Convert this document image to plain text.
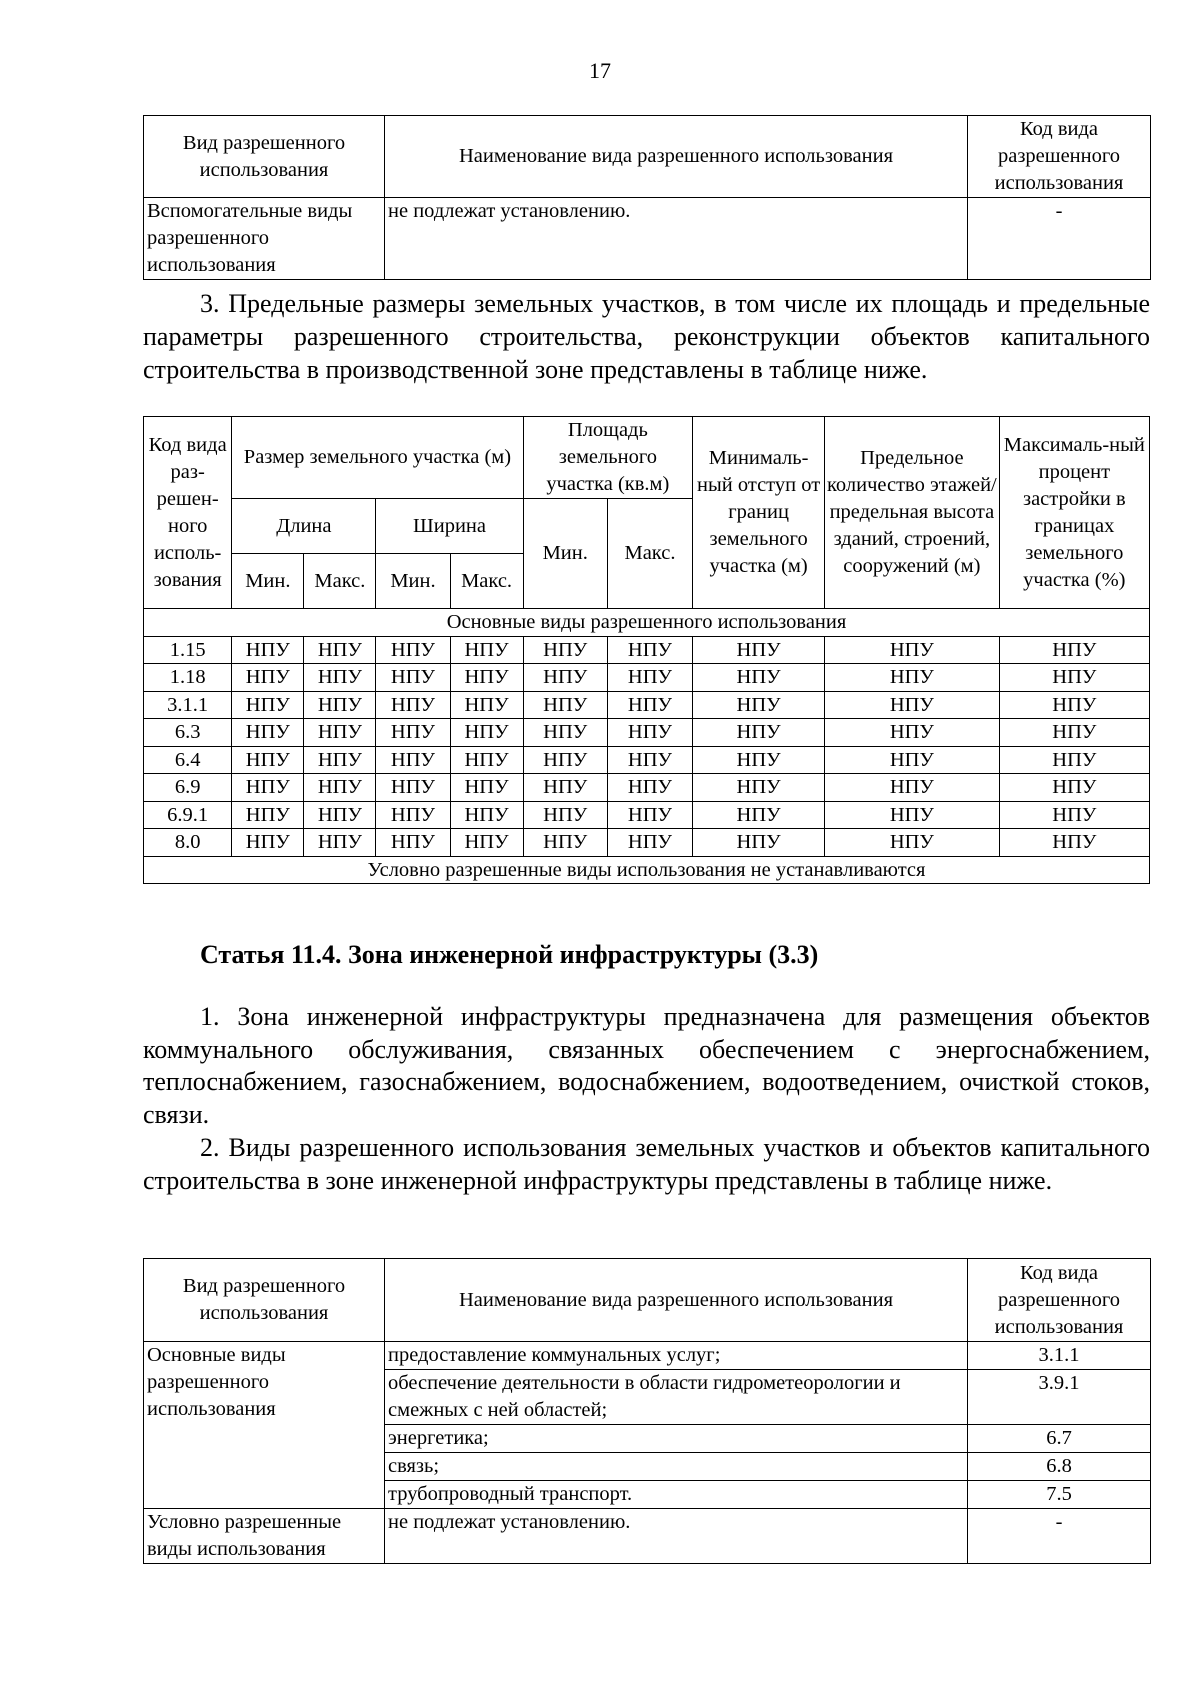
17
Вид разрешенного использования	Наименование вида разрешенного использования	Код вида разрешенного использования
Вспомогательные виды разрешенного использования	не подлежат установлению.	-
3. Предельные размеры земельных участков, в том числе их площадь и предельные параметры разрешенного строительства, реконструкции объектов капитального строительства в производственной зоне представлены в таблице ниже.
Код вида раз-решен-ного исполь-зования	Размер земельного участка (м)				Площадь земельного участка (кв.м)		Минималь-ный отступ от границ земельного участка (м)	Предельное количество этажей/ предельная высота зданий, строений, сооружений (м)	Максималь-ный процент застройки в границах земельного участка (%)
	Длина		Ширина		Мин.	Макс.			
	Мин.	Макс.	Мин.	Макс.					
Основные виды разрешенного использования									
1.15	НПУ	НПУ	НПУ	НПУ	НПУ	НПУ	НПУ	НПУ	НПУ
1.18	НПУ	НПУ	НПУ	НПУ	НПУ	НПУ	НПУ	НПУ	НПУ
3.1.1	НПУ	НПУ	НПУ	НПУ	НПУ	НПУ	НПУ	НПУ	НПУ
6.3	НПУ	НПУ	НПУ	НПУ	НПУ	НПУ	НПУ	НПУ	НПУ
6.4	НПУ	НПУ	НПУ	НПУ	НПУ	НПУ	НПУ	НПУ	НПУ
6.9	НПУ	НПУ	НПУ	НПУ	НПУ	НПУ	НПУ	НПУ	НПУ
6.9.1	НПУ	НПУ	НПУ	НПУ	НПУ	НПУ	НПУ	НПУ	НПУ
8.0	НПУ	НПУ	НПУ	НПУ	НПУ	НПУ	НПУ	НПУ	НПУ
Условно разрешенные виды использования не устанавливаются									
Статья 11.4. Зона инженерной инфраструктуры (3.3)
1. Зона инженерной инфраструктуры предназначена для размещения объектов коммунального обслуживания, связанных обеспечением с энергоснабжением, теплоснабжением, газоснабжением, водоснабжением, водоотведением, очисткой стоков, связи.
2. Виды разрешенного использования земельных участков и объектов капитального строительства в зоне инженерной инфраструктуры представлены в таблице ниже.
Вид разрешенного использования	Наименование вида разрешенного использования	Код вида разрешенного использования
Основные виды разрешенного использования	предоставление коммунальных услуг;	3.1.1
	обеспечение деятельности в области гидрометеорологии и смежных с ней областей;	3.9.1
	энергетика;	6.7
	связь;	6.8
	трубопроводный транспорт.	7.5
Условно разрешенные виды использования	не подлежат установлению.	-
